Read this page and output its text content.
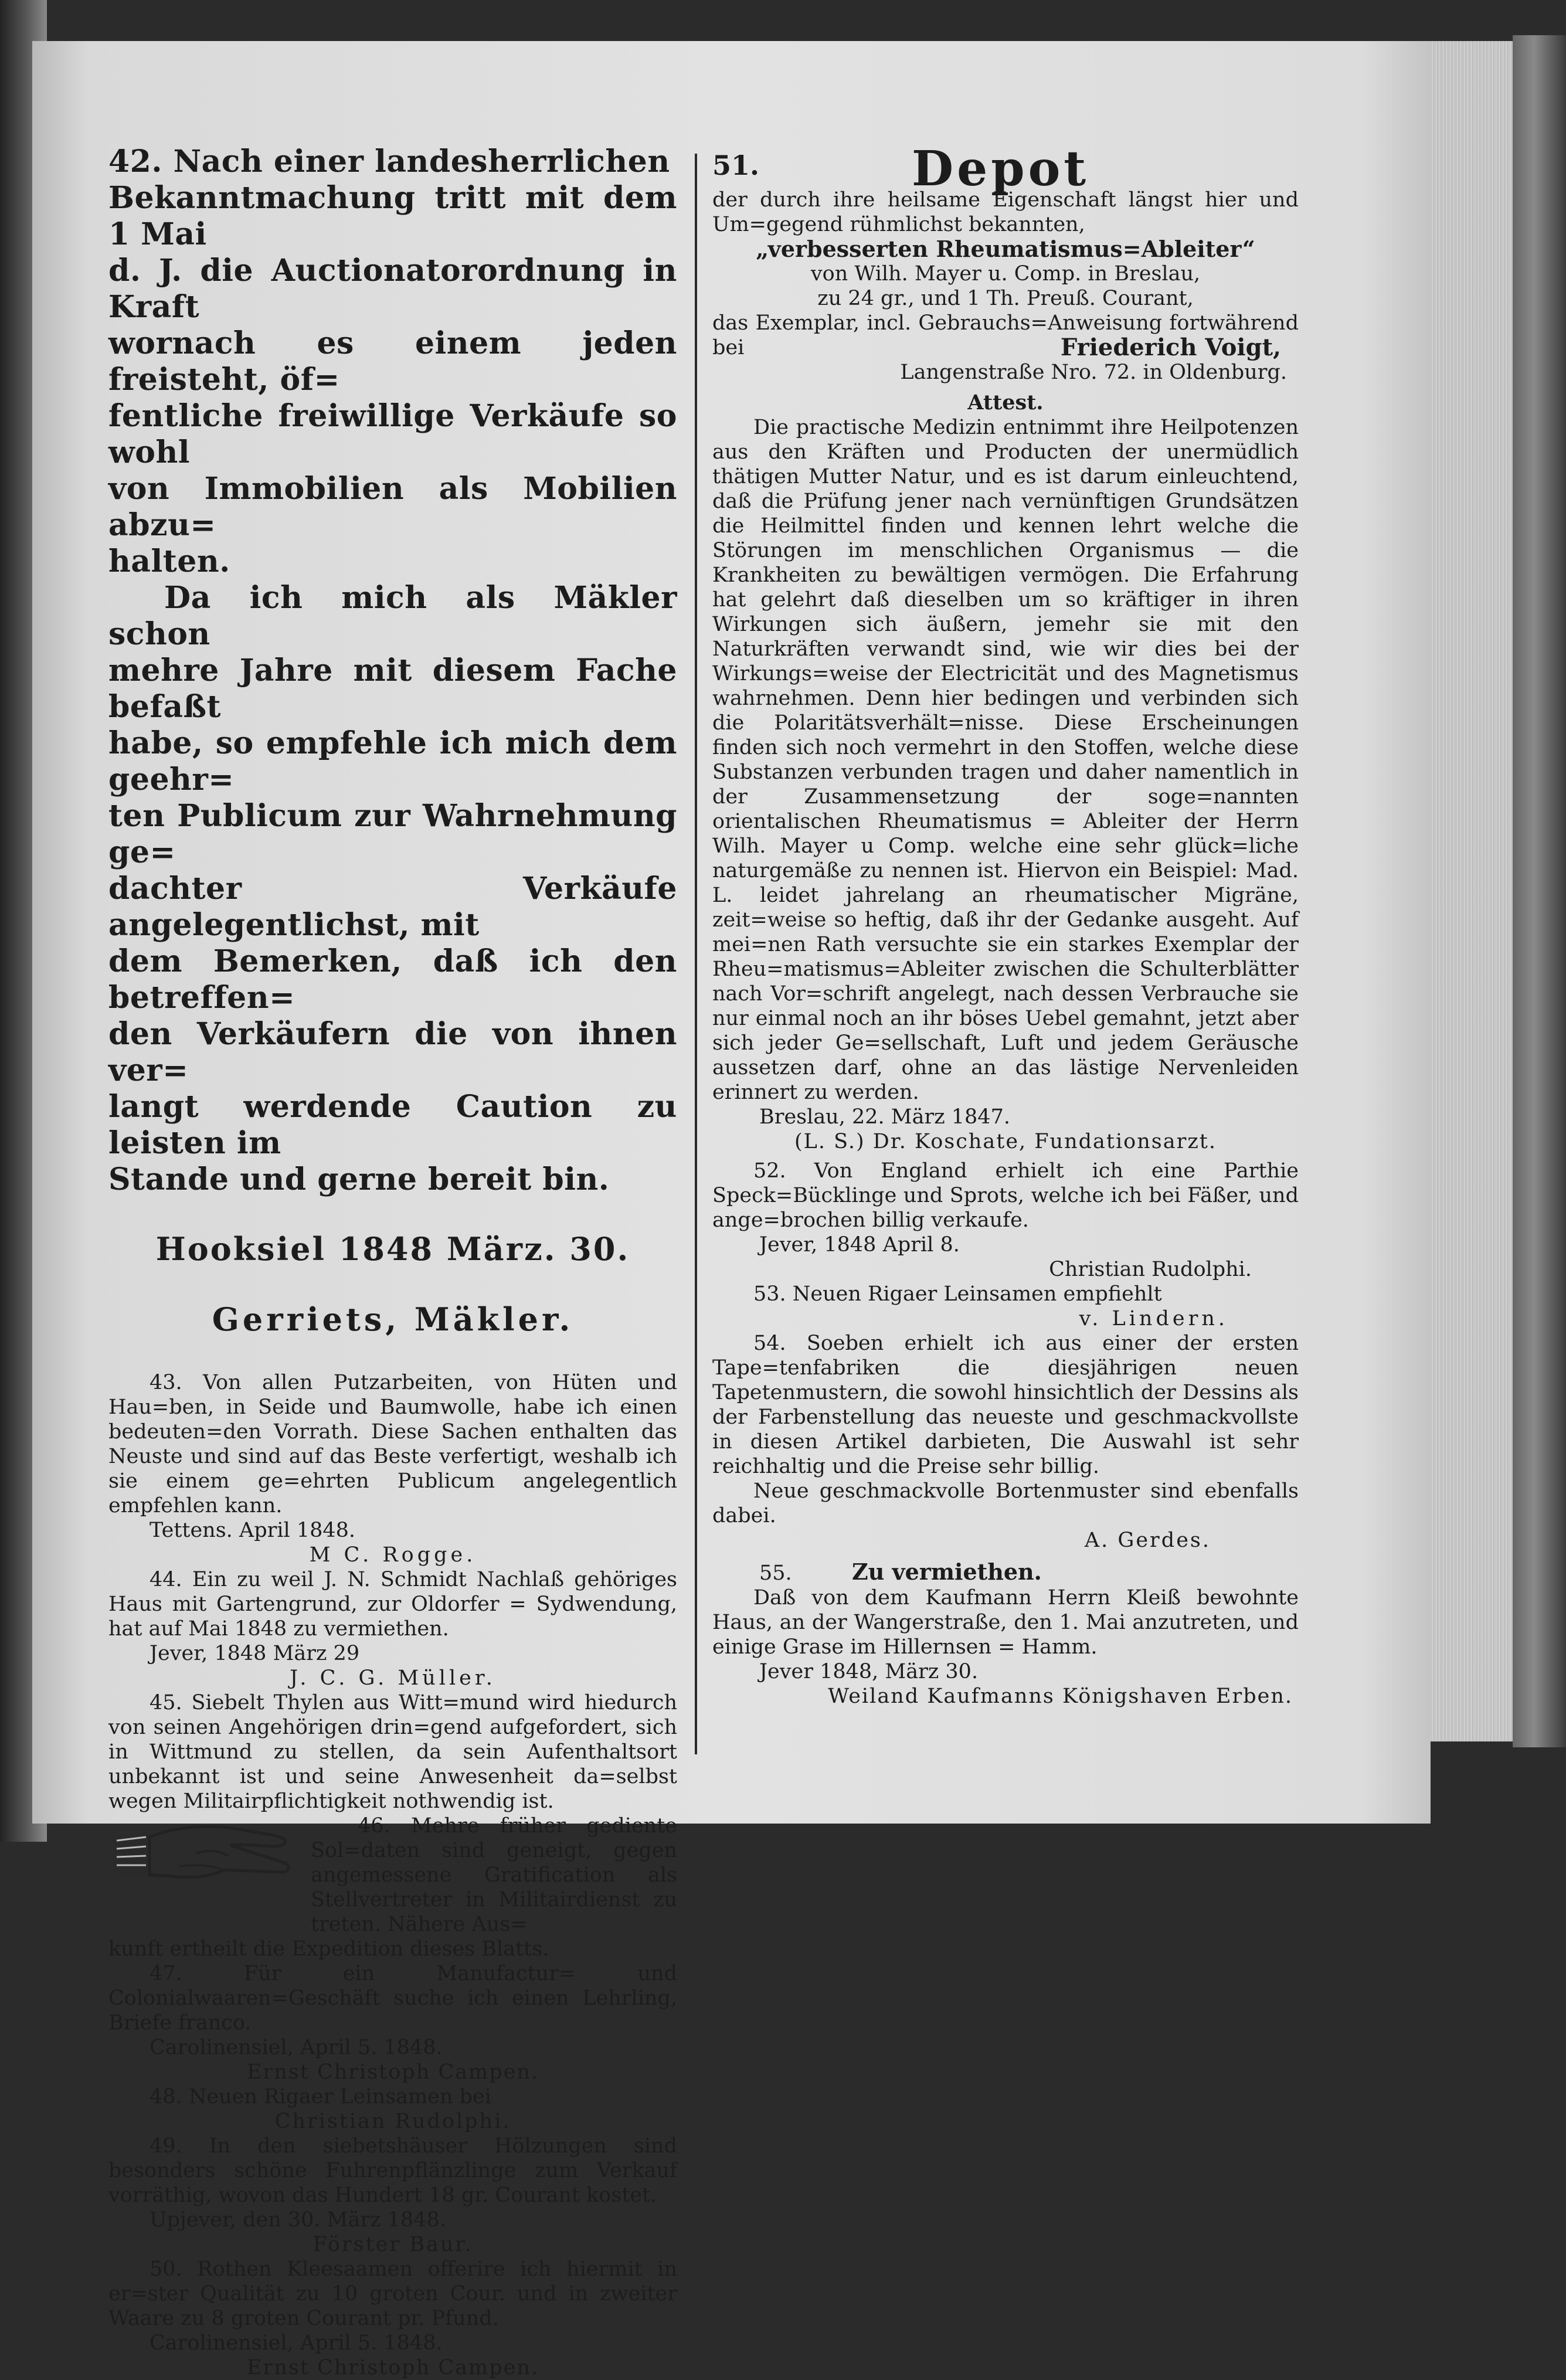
42. Nach einer landesherrlichen

Bekanntmachung tritt mit dem 1 Mai

d. J. die Auctionatorordnung in Kraft

wornach es einem jeden freisteht, öf=

fentliche freiwillige Verkäufe so wohl

von Immobilien als Mobilien abzu=

halten.

Da ich mich als Mäkler schon

mehre Jahre mit diesem Fache befaßt

habe, so empfehle ich mich dem geehr=

ten Publicum zur Wahrnehmung ge=

dachter Verkäufe angelegentlichst, mit

dem Bemerken, daß ich den betreffen=

den Verkäufern die von ihnen ver=

langt werdende Caution zu leisten im

Stande und gerne bereit bin.

Hooksiel 1848 März. 30.

Gerriets, Mäkler.

43. Von allen Putzarbeiten, von Hüten und Hau=ben, in Seide und Baumwolle, habe ich einen bedeuten=den Vorrath. Diese Sachen enthalten das Neuste und sind auf das Beste verfertigt, weshalb ich sie einem ge=ehrten Publicum angelegentlich empfehlen kann.

Tettens. April 1848.

M C. Rogge.

44. Ein zu weil J. N. Schmidt Nachlaß gehöriges Haus mit Gartengrund, zur Oldorfer = Sydwendung, hat auf Mai 1848 zu vermiethen.

Jever, 1848 März 29

J. C. G. Müller.

45. Siebelt Thylen aus Witt=mund wird hiedurch von seinen Angehörigen drin=gend aufgefordert, sich in Wittmund zu stellen, da sein Aufenthaltsort unbekannt ist und seine Anwesenheit da=selbst wegen Militairpflichtigkeit nothwendig ist.

46. Mehre früher gediente Sol=daten sind geneigt, gegen angemessene Gratification als Stellvertreter in Militairdienst zu treten. Nähere Aus=

kunft ertheilt die Expedition dieses Blatts.

47. Für ein Manufactur= und Colonialwaaren=Geschäft suche ich einen Lehrling, Briefe franco.

Carolinensiel, April 5. 1848.

Ernst Christoph Campen.

48. Neuen Rigaer Leinsamen bei

Christian Rudolphi.

49. In den siebetshäuser Hölzungen sind besonders schöne Fuhrenpflänzlinge zum Verkauf vorräthig, wovon das Hundert 18 gr. Courant kostet.

Upjever, den 30. März 1848.

Förster Baur.

50. Rothen Kleesaamen offerire ich hiermit in er=ster Qualität zu 10 groten Cour. und in zweiter Waare zu 8 groten Courant pr. Pfund.

Carolinensiel, April 5. 1848.

Ernst Christoph Campen.

51.	Depot

der durch ihre heilsame Eigenschaft längst hier und Um=gegend rühmlichst bekannten,

„verbesserten Rheumatismus=Ableiter“

von Wilh. Mayer u. Comp. in Breslau,

zu 24 gr., und 1 Th. Preuß. Courant,

das Exemplar, incl. Gebrauchs=Anweisung fortwährend bei	Friederich Voigt,

Langenstraße Nro. 72. in Oldenburg.

Attest.

Die practische Medizin entnimmt ihre Heilpotenzen aus den Kräften und Producten der unermüdlich thätigen Mutter Natur, und es ist darum einleuchtend, daß die Prüfung jener nach vernünftigen Grundsätzen die Heilmittel finden und kennen lehrt welche die Störungen im menschlichen Organismus — die Krankheiten zu bewältigen vermögen. Die Erfahrung hat gelehrt daß dieselben um so kräftiger in ihren Wirkungen sich äußern, jemehr sie mit den Naturkräften verwandt sind, wie wir dies bei der Wirkungs=weise der Electricität und des Magnetismus wahrnehmen. Denn hier bedingen und verbinden sich die Polaritätsverhält=nisse. Diese Erscheinungen finden sich noch vermehrt in den Stoffen, welche diese Substanzen verbunden tragen und daher namentlich in der Zusammensetzung der soge=nannten orientalischen Rheumatismus = Ableiter der Herrn Wilh. Mayer u Comp. welche eine sehr glück=liche naturgemäße zu nennen ist. Hiervon ein Beispiel: Mad. L. leidet jahrelang an rheumatischer Migräne, zeit=weise so heftig, daß ihr der Gedanke ausgeht. Auf mei=nen Rath versuchte sie ein starkes Exemplar der Rheu=matismus=Ableiter zwischen die Schulterblätter nach Vor=schrift angelegt, nach dessen Verbrauche sie nur einmal noch an ihr böses Uebel gemahnt, jetzt aber sich jeder Ge=sellschaft, Luft und jedem Geräusche aussetzen darf, ohne an das lästige Nervenleiden erinnert zu werden.

Breslau, 22. März 1847.

(L. S.) Dr. Koschate, Fundationsarzt.

52. Von England erhielt ich eine Parthie Speck=Bücklinge und Sprots, welche ich bei Fäßer, und ange=brochen billig verkaufe.

Jever, 1848 April 8.

Christian Rudolphi.

53. Neuen Rigaer Leinsamen empfiehlt

v. Lindern.

54. Soeben erhielt ich aus einer der ersten Tape=tenfabriken die diesjährigen neuen Tapetenmustern, die sowohl hinsichtlich der Dessins als der Farbenstellung das neueste und geschmackvollste in diesen Artikel darbieten, Die Auswahl ist sehr reichhaltig und die Preise sehr billig.

Neue geschmackvolle Bortenmuster sind ebenfalls dabei.

A. Gerdes.

55.	Zu vermiethen.

Daß von dem Kaufmann Herrn Kleiß bewohnte Haus, an der Wangerstraße, den 1. Mai anzutreten, und einige Grase im Hillernsen = Hamm.

Jever 1848, März 30.

Weiland Kaufmanns Königshaven Erben.
